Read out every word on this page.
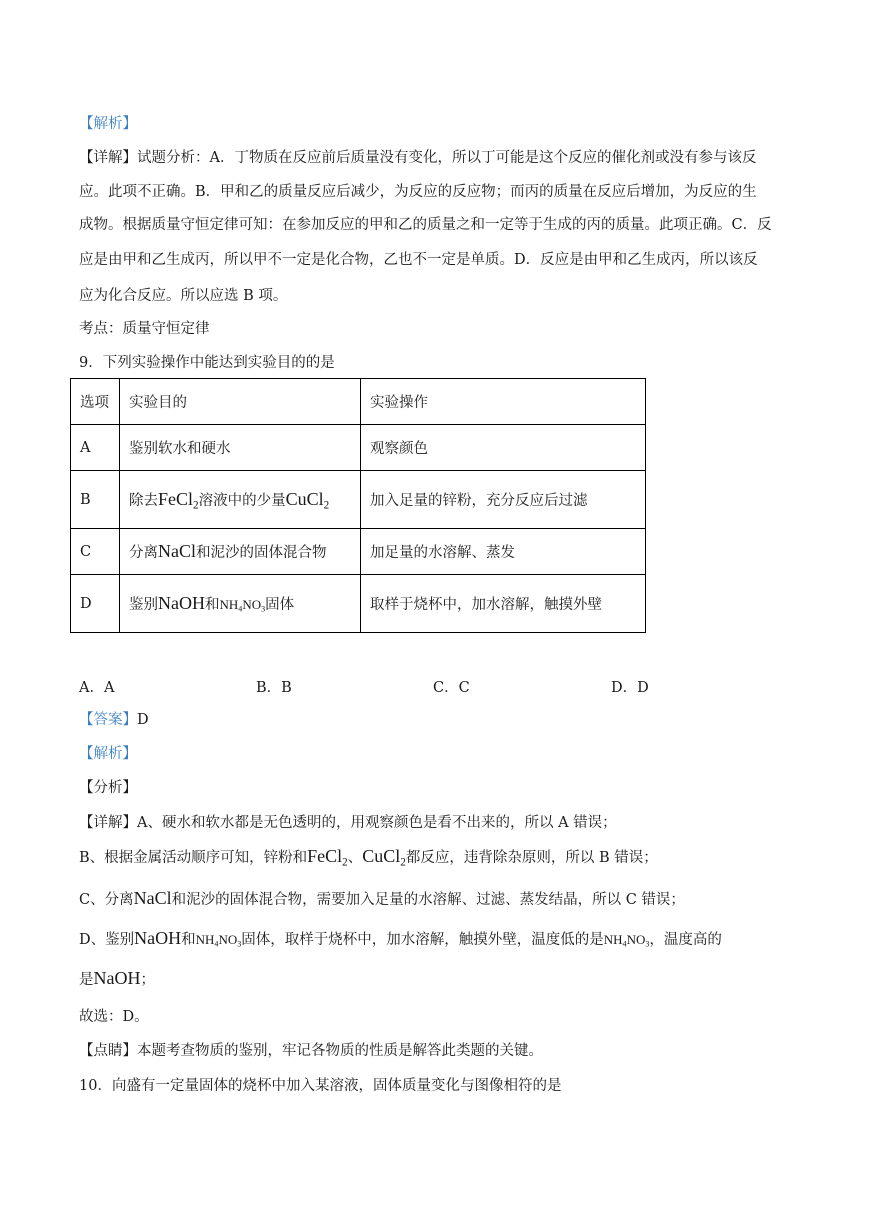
【解析】
【详解】试题分析：A．丁物质在反应前后质量没有变化，所以丁可能是这个反应的催化剂或没有参与该反
应。此项不正确。B．甲和乙的质量反应后减少，为反应的反应物；而丙的质量在反应后增加，为反应的生
成物。根据质量守恒定律可知：在参加反应的甲和乙的质量之和一定等于生成的丙的质量。此项正确。C．反
应是由甲和乙生成丙，所以甲不一定是化合物，乙也不一定是单质。D．反应是由甲和乙生成丙，所以该反
应为化合反应。所以应选 B 项。
考点：质量守恒定律
9．下列实验操作中能达到实验目的的是
选项	实验目的	实验操作
A	鉴别软水和硬水	观察颜色
B	除去FeCl$_2$溶液中的少量CuCl$_2$	加入足量的锌粉，充分反应后过滤
C	分离NaCl和泥沙的固体混合物	加足量的水溶解、蒸发
D	鉴别NaOH和$NH_4NO_3$固体	取样于烧杯中，加水溶解，触摸外壁
A．A	B．B	C．C	D．D
【答案】D
【解析】
【分析】
【详解】A、硬水和软水都是无色透明的，用观察颜色是看不出来的，所以 A 错误；
B、根据金属活动顺序可知，锌粉和FeCl$_2$、CuCl$_2$都反应，违背除杂原则，所以 B 错误；
C、分离NaCl和泥沙的固体混合物，需要加入足量的水溶解、过滤、蒸发结晶，所以 C 错误；
D、鉴别NaOH和$NH_4NO_3$固体，取样于烧杯中，加水溶解，触摸外壁，温度低的是$NH_4NO_3$，温度高的
是NaOH；
故选：D。
【点睛】本题考查物质的鉴别，牢记各物质的性质是解答此类题的关键。
10．向盛有一定量固体的烧杯中加入某溶液，固体质量变化与图像相符的是
